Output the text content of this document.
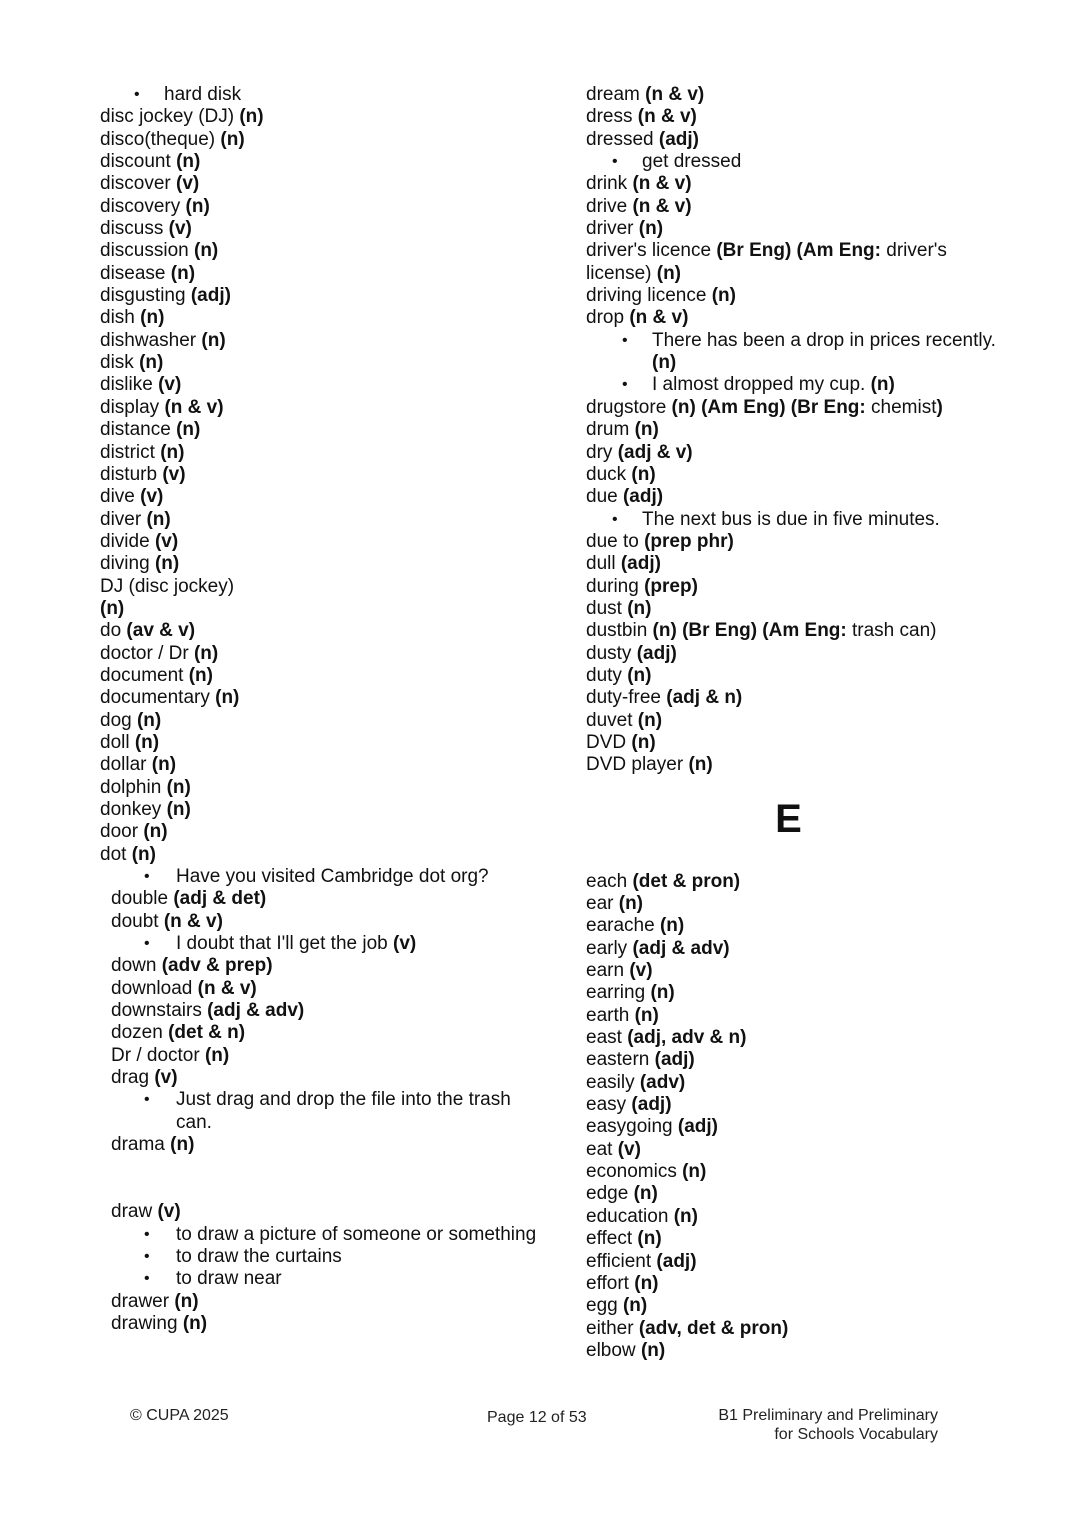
• hard disk
disc jockey (DJ) (n)
disco(theque) (n)
discount (n)
discover (v)
discovery (n)
discuss (v)
discussion (n)
disease (n)
disgusting (adj)
dish (n)
dishwasher (n)
disk (n)
dislike (v)
display (n & v)
distance (n)
district (n)
disturb (v)
dive (v)
diver (n)
divide (v)
diving (n)
DJ (disc jockey)
(n)
do (av & v)
doctor / Dr (n)
document (n)
documentary (n)
dog (n)
doll (n)
dollar (n)
dolphin (n)
donkey (n)
door (n)
dot (n)
• Have you visited Cambridge dot org?
double (adj & det)
doubt (n & v)
• I doubt that I'll get the job (v)
down (adv & prep)
download (n & v)
downstairs (adj & adv)
dozen (det & n)
Dr / doctor (n)
drag (v)
• Just drag and drop the file into the trash can.
drama (n)
draw (v)
• to draw a picture of someone or something
• to draw the curtains
• to draw near
drawer (n)
drawing (n)
dream (n & v)
dress (n & v)
dressed (adj)
• get dressed
drink (n & v)
drive (n & v)
driver (n)
driver's licence (Br Eng) (Am Eng: driver's license) (n)
driving licence (n)
drop (n & v)
• There has been a drop in prices recently. (n)
• I almost dropped my cup. (n)
drugstore (n) (Am Eng) (Br Eng: chemist)
drum (n)
dry (adj & v)
duck (n)
due (adj)
• The next bus is due in five minutes.
due to (prep phr)
dull (adj)
during (prep)
dust (n)
dustbin (n) (Br Eng) (Am Eng: trash can)
dusty (adj)
duty (n)
duty-free (adj & n)
duvet (n)
DVD (n)
DVD player (n)
E
each (det & pron)
ear (n)
earache (n)
early (adj & adv)
earn (v)
earring (n)
earth (n)
east (adj, adv & n)
eastern (adj)
easily (adv)
easy (adj)
easygoing (adj)
eat (v)
economics (n)
edge (n)
education (n)
effect (n)
efficient (adj)
effort (n)
egg (n)
either (adv, det & pron)
elbow (n)
© CUPA 2025	Page 12 of 53	B1 Preliminary and Preliminary
for Schools Vocabulary
